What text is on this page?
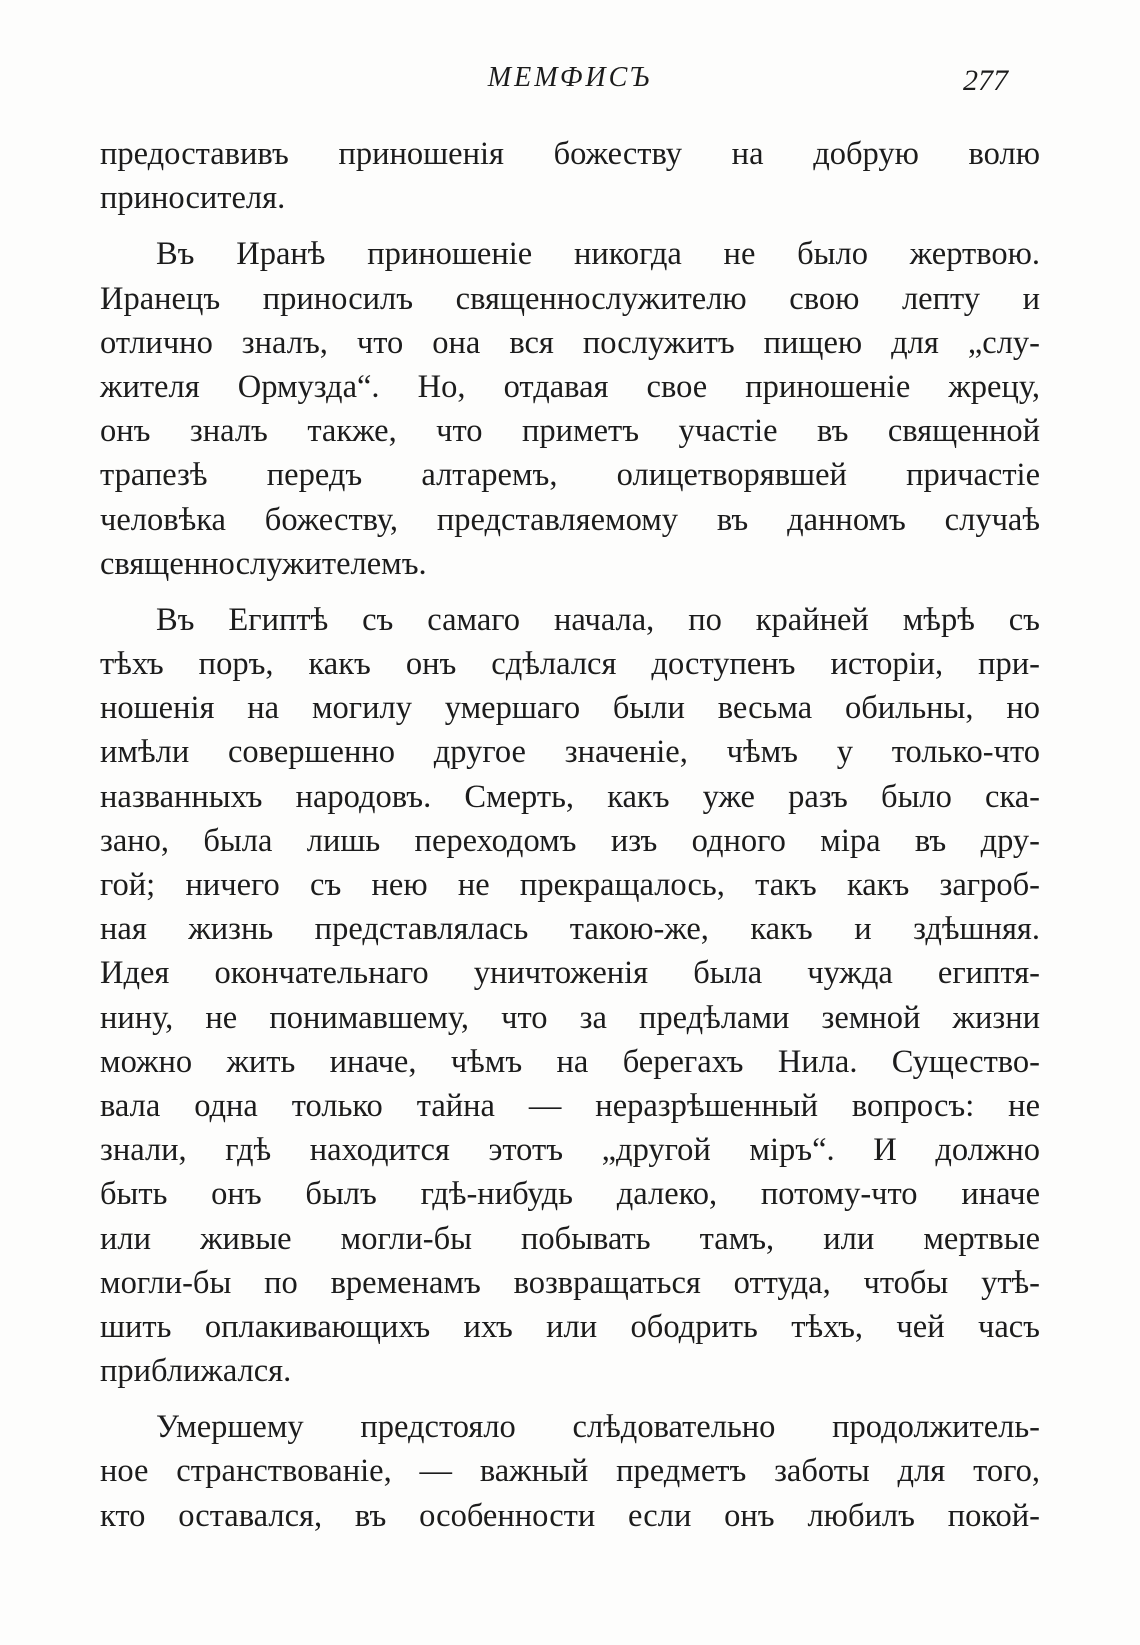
МЕМФИСЪ	277
предоставивъ приношенія божеству на добрую волю
приносителя.
Въ Иранѣ приношеніе никогда не было жертвою.
Иранецъ приносилъ священнослужителю свою лепту и
отлично зналъ, что она вся послужитъ пищею для „слу-
жителя Ормузда“. Но, отдавая свое приношеніе жрецу,
онъ зналъ также, что приметъ участіе въ священной
трапезѣ передъ алтаремъ, олицетворявшей причастіе
человѣка божеству, представляемому въ данномъ случаѣ
священнослужителемъ.
Въ Египтѣ съ самаго начала, по крайней мѣрѣ съ
тѣхъ поръ, какъ онъ сдѣлался доступенъ исторіи, при-
ношенія на могилу умершаго были весьма обильны, но
имѣли совершенно другое значеніе, чѣмъ у только-что
названныхъ народовъ. Смерть, какъ уже разъ было ска-
зано, была лишь переходомъ изъ одного міра въ дру-
гой; ничего съ нею не прекращалось, такъ какъ загроб-
ная жизнь представлялась такою-же, какъ и здѣшняя.
Идея окончательнаго уничтоженія была чужда египтя-
нину, не понимавшему, что за предѣлами земной жизни
можно жить иначе, чѣмъ на берегахъ Нила. Существо-
вала одна только тайна — неразрѣшенный вопросъ: не
знали, гдѣ находится этотъ „другой міръ“. И должно
быть онъ былъ гдѣ-нибудь далеко, потому-что иначе
или живые могли-бы побывать тамъ, или мертвые
могли-бы по временамъ возвращаться оттуда, чтобы утѣ-
шить оплакивающихъ ихъ или ободрить тѣхъ, чей часъ
приближался.
Умершему предстояло слѣдовательно продолжитель-
ное странствованіе, — важный предметъ заботы для того,
кто оставался, въ особенности если онъ любилъ покой-
